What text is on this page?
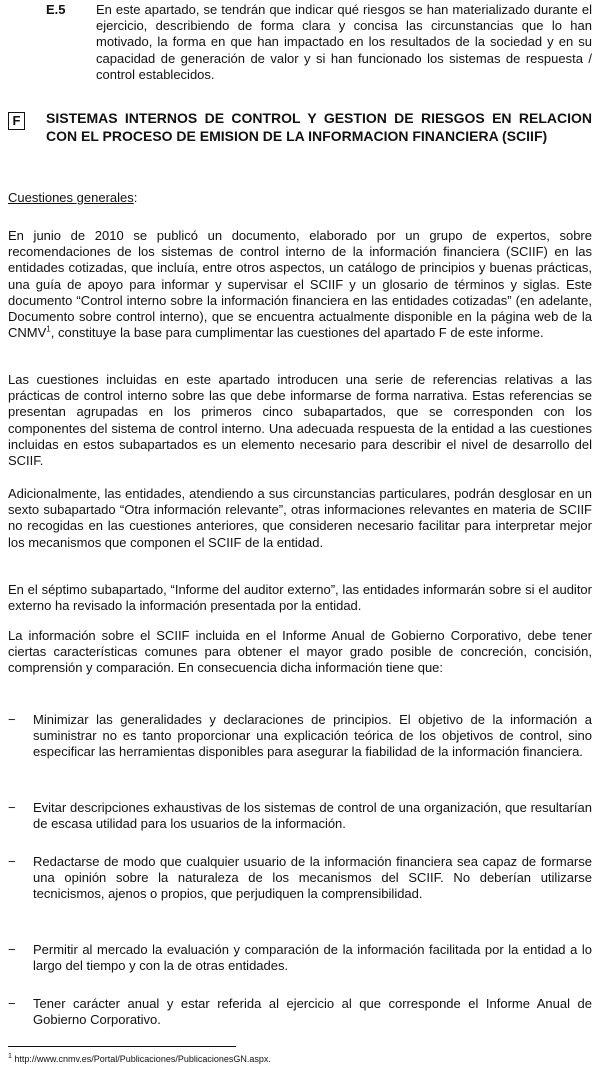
E.5 En este apartado, se tendrán que indicar qué riesgos se han materializado durante el ejercicio, describiendo de forma clara y concisa las circunstancias que lo han motivado, la forma en que han impactado en los resultados de la sociedad y en su capacidad de generación de valor y si han funcionado los sistemas de respuesta / control establecidos.

F	SISTEMAS INTERNOS DE CONTROL Y GESTION DE RIESGOS EN RELACION CON EL PROCESO DE EMISION DE LA INFORMACION FINANCIERA (SCIIF)

Cuestiones generales:

En junio de 2010 se publicó un documento, elaborado por un grupo de expertos, sobre recomendaciones de los sistemas de control interno de la información financiera (SCIIF) en las entidades cotizadas, que incluía, entre otros aspectos, un catálogo de principios y buenas prácticas, una guía de apoyo para informar y supervisar el SCIIF y un glosario de términos y siglas. Este documento “Control interno sobre la información financiera en las entidades cotizadas” (en adelante, Documento sobre control interno), que se encuentra actualmente disponible en la página web de la CNMV$^1$, constituye la base para cumplimentar las cuestiones del apartado F de este informe.

Las cuestiones incluidas en este apartado introducen una serie de referencias relativas a las prácticas de control interno sobre las que debe informarse de forma narrativa. Estas referencias se presentan agrupadas en los primeros cinco subapartados, que se corresponden con los componentes del sistema de control interno. Una adecuada respuesta de la entidad a las cuestiones incluidas en estos subapartados es un elemento necesario para describir el nivel de desarrollo del SCIIF.

Adicionalmente, las entidades, atendiendo a sus circunstancias particulares, podrán desglosar en un sexto subapartado “Otra información relevante”, otras informaciones relevantes en materia de SCIIF no recogidas en las cuestiones anteriores, que consideren necesario facilitar para interpretar mejor los mecanismos que componen el SCIIF de la entidad.

En el séptimo subapartado, “Informe del auditor externo”, las entidades informarán sobre si el auditor externo ha revisado la información presentada por la entidad.

La información sobre el SCIIF incluida en el Informe Anual de Gobierno Corporativo, debe tener ciertas características comunes para obtener el mayor grado posible de concreción, concisión, comprensión y comparación. En consecuencia dicha información tiene que:

− Minimizar las generalidades y declaraciones de principios. El objetivo de la información a suministrar no es tanto proporcionar una explicación teórica de los objetivos de control, sino especificar las herramientas disponibles para asegurar la fiabilidad de la información financiera.

− Evitar descripciones exhaustivas de los sistemas de control de una organización, que resultarían de escasa utilidad para los usuarios de la información.

− Redactarse de modo que cualquier usuario de la información financiera sea capaz de formarse una opinión sobre la naturaleza de los mecanismos del SCIIF. No deberían utilizarse tecnicismos, ajenos o propios, que perjudiquen la comprensibilidad.

− Permitir al mercado la evaluación y comparación de la información facilitada por la entidad a lo largo del tiempo y con la de otras entidades.

− Tener carácter anual y estar referida al ejercicio al que corresponde el Informe Anual de Gobierno Corporativo.

$^1$ http://www.cnmv.es/Portal/Publicaciones/PublicacionesGN.aspx.
